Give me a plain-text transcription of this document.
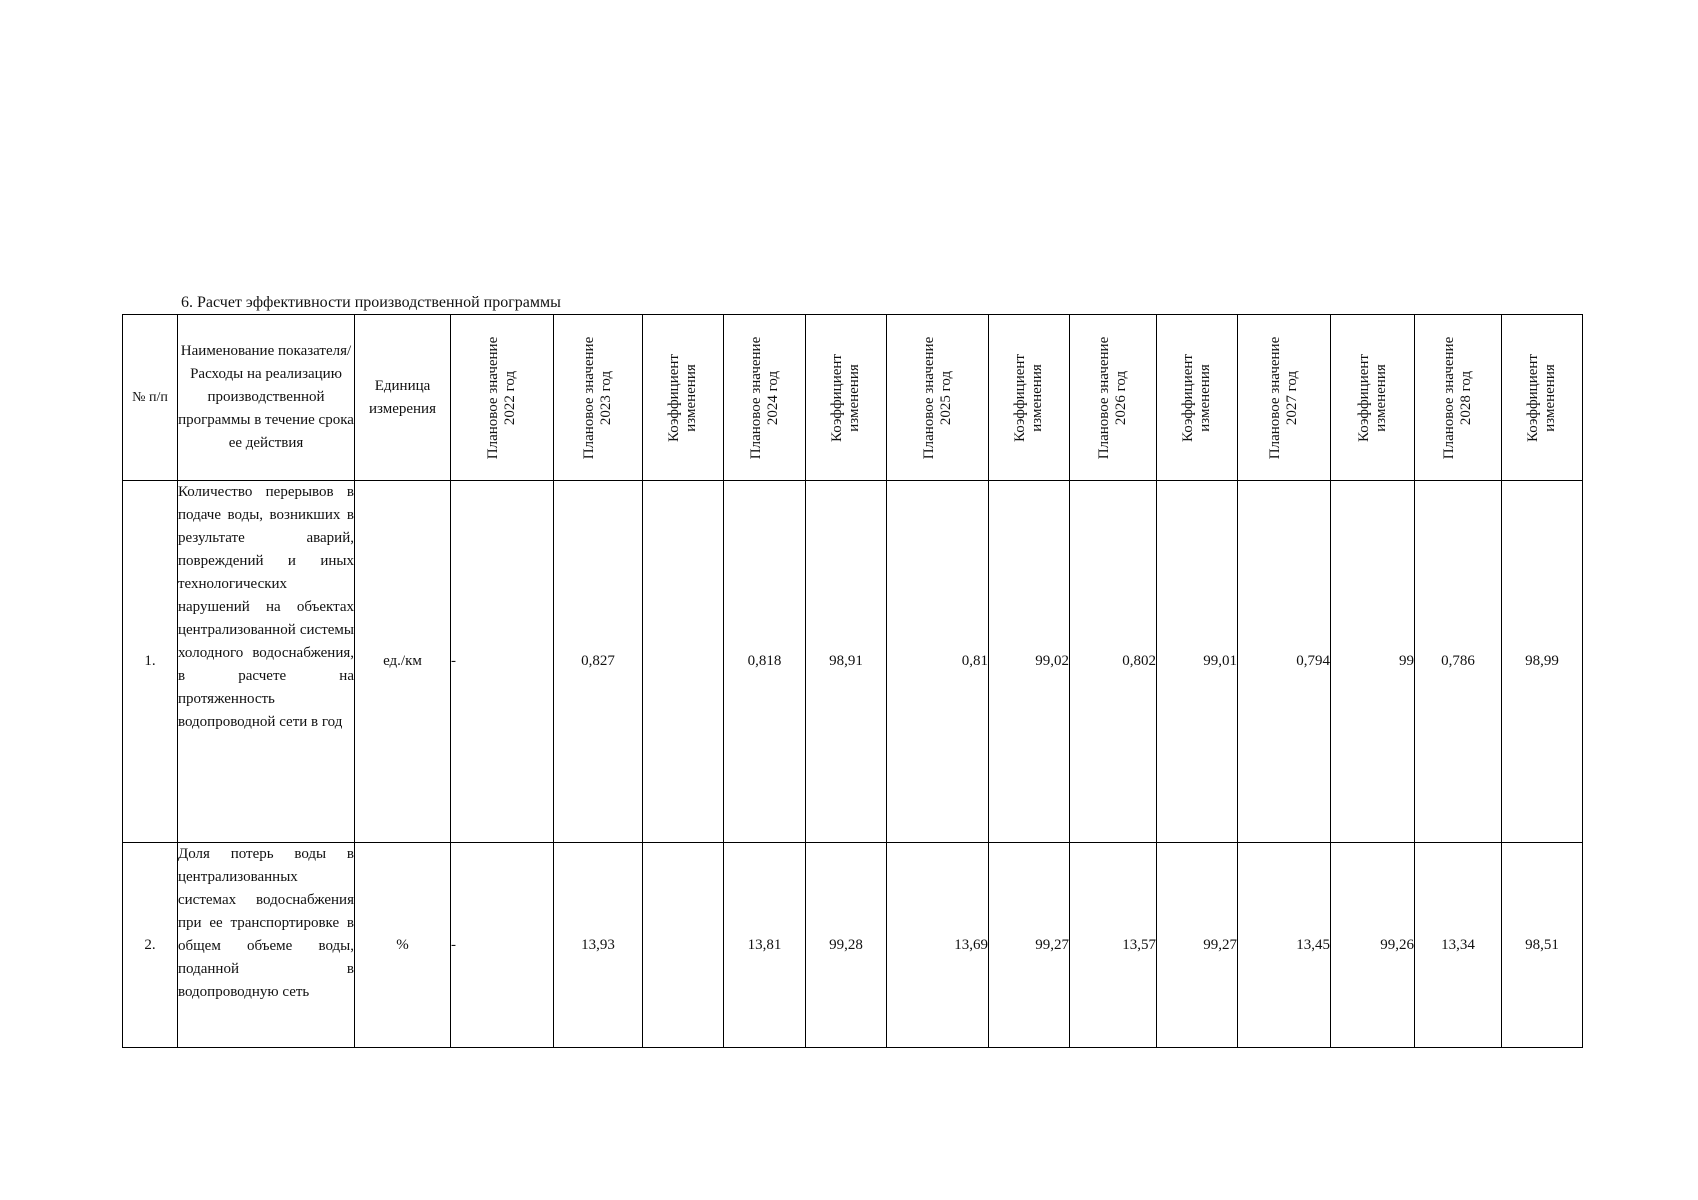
6. Расчет эффективности производственной программы
№ п/п	Наименование показателя/Расходы на реализацию производственной программы в течение срока ее действия	Единица измерения	Плановое значение 2022 год	Плановое значение 2023 год	Коэффициент изменения	Плановое значение 2024 год	Коэффициент изменения	Плановое значение 2025 год	Коэффициент изменения	Плановое значение 2026 год	Коэффициент изменения	Плановое значение 2027 год	Коэффициент изменения	Плановое значение 2028 год	Коэффициент изменения

1.	Количество перерывов в подаче воды, возникших в результате аварий, повреждений и иных технологических нарушений на объектах централизованной системы холодного водоснабжения, в расчете на протяженность водопроводной сети в год	ед./км	-	0,827		0,818	98,91	0,81	99,02	0,802	99,01	0,794	99	0,786	98,99
2.	Доля потерь воды в централизованных системах водоснабжения при ее транспортировке в общем объеме воды, поданной в водопроводную сеть	%	-	13,93		13,81	99,28	13,69	99,27	13,57	99,27	13,45	99,26	13,34	98,51
